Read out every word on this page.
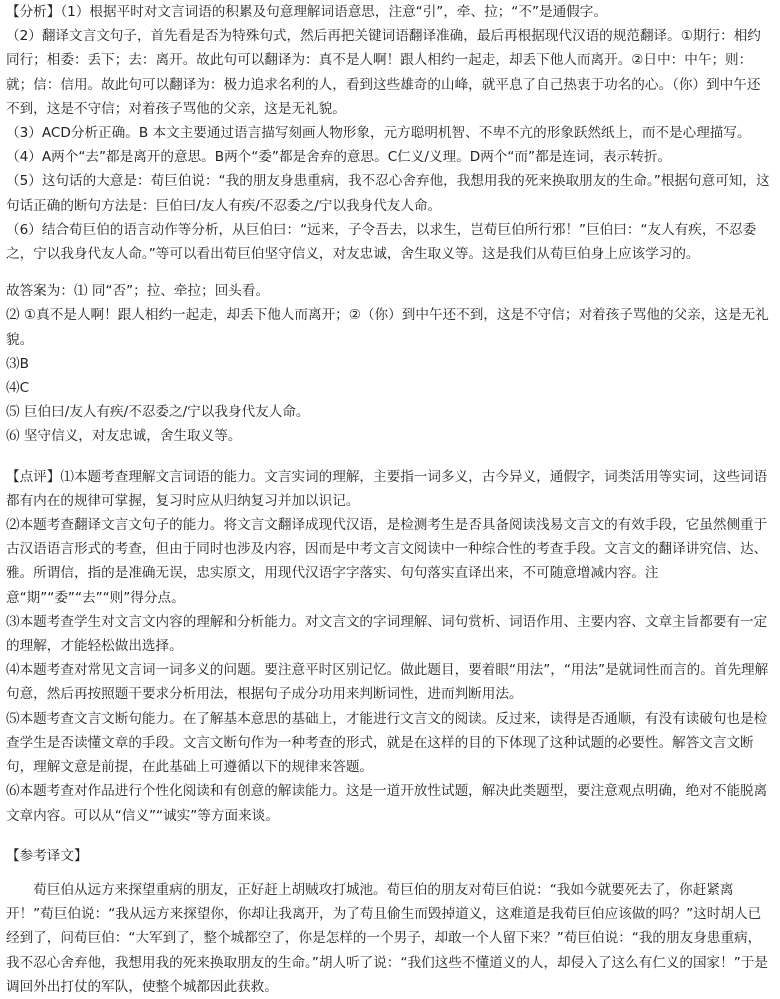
【分析】（1）根据平时对文言词语的积累及句意理解词语意思，注意“引”，牵、拉；“不”是通假字。

（2）翻译文言文句子，首先看是否为特殊句式，然后再把关键词语翻译准确，最后再根据现代汉语的规范翻译。①期行：相约同行；相委：丢下；去：离开。故此句可以翻译为：真不是人啊！跟人相约一起走，却丢下他人而离开。②日中：中午；则：就；信：信用。故此句可以翻译为：极力追求名利的人，看到这些雄奇的山峰，就平息了自己热衷于功名的心。（你）到中午还不到，这是不守信；对着孩子骂他的父亲，这是无礼貌。

（3）ACD分析正确。B 本文主要通过语言描写刻画人物形象，元方聪明机智、不卑不亢的形象跃然纸上，而不是心理描写。

（4）A两个“去”都是离开的意思。B两个“委”都是舍弃的意思。C仁义/义理。D两个“而”都是连词，表示转折。

（5）这句话的大意是：荀巨伯说：“我的朋友身患重病，我不忍心舍弃他，我想用我的死来换取朋友的生命。”根据句意可知，这句话正确的断句方法是：巨伯曰/友人有疾/不忍委之/宁以我身代友人命。

（6）结合荀巨伯的语言动作等分析，从巨伯曰：“远来，子令吾去，以求生，岂荀巨伯所行邪！”巨伯曰：“友人有疾，不忍委之，宁以我身代友人命。”等可以看出荀巨伯坚守信义，对友忠诚，舍生取义等。这是我们从荀巨伯身上应该学习的。

故答案为：⑴ 同“否”；拉、牵拉；回头看。

⑵ ①真不是人啊！跟人相约一起走，却丢下他人而离开；②（你）到中午还不到，这是不守信；对着孩子骂他的父亲，这是无礼貌。

⑶B

⑷C

⑸ 巨伯曰/友人有疾/不忍委之/宁以我身代友人命。

⑹ 坚守信义，对友忠诚，舍生取义等。

【点评】⑴本题考查理解文言词语的能力。文言实词的理解，主要指一词多义，古今异义，通假字，词类活用等实词，这些词语都有内在的规律可掌握，复习时应从归纳复习并加以识记。

⑵本题考查翻译文言文句子的能力。将文言文翻译成现代汉语，是检测考生是否具备阅读浅易文言文的有效手段，它虽然侧重于古汉语语言形式的考查，但由于同时也涉及内容，因而是中考文言文阅读中一种综合性的考查手段。文言文的翻译讲究信、达、雅。所谓信，指的是准确无误，忠实原文，用现代汉语字字落实、句句落实直译出来，不可随意增减内容。注意“期”“委”“去”“则”得分点。

⑶本题考查学生对文言文内容的理解和分析能力。对文言文的字词理解、词句赏析、词语作用、主要内容、文章主旨都要有一定的理解，才能轻松做出选择。

⑷本题考查对常见文言词一词多义的问题。要注意平时区别记忆。做此题目，要着眼“用法”，“用法”是就词性而言的。首先理解句意，然后再按照题干要求分析用法，根据句子成分功用来判断词性，进而判断用法。

⑸本题考查文言文断句能力。在了解基本意思的基础上，才能进行文言文的阅读。反过来，读得是否通顺，有没有读破句也是检查学生是否读懂文章的手段。文言文断句作为一种考查的形式，就是在这样的目的下体现了这种试题的必要性。解答文言文断句，理解文意是前提，在此基础上可遵循以下的规律来答题。

⑹本题考查对作品进行个性化阅读和有创意的解读能力。这是一道开放性试题，解决此类题型，要注意观点明确，绝对不能脱离文章内容。可以从“信义”“诚实”等方面来谈。

【参考译文】

荀巨伯从远方来探望重病的朋友，正好赶上胡贼攻打城池。荀巨伯的朋友对荀巨伯说：“我如今就要死去了，你赶紧离开！”荀巨伯说：“我从远方来探望你，你却让我离开，为了苟且偷生而毁掉道义，这难道是我荀巨伯应该做的吗？”这时胡人已经到了，问荀巨伯：“大军到了，整个城都空了，你是怎样的一个男子，却敢一个人留下来？”荀巨伯说：“我的朋友身患重病，我不忍心舍弃他，我想用我的死来换取朋友的生命。”胡人听了说：“我们这些不懂道义的人，却侵入了这么有仁义的国家！”于是调回外出打仗的军队，使整个城都因此获救。
